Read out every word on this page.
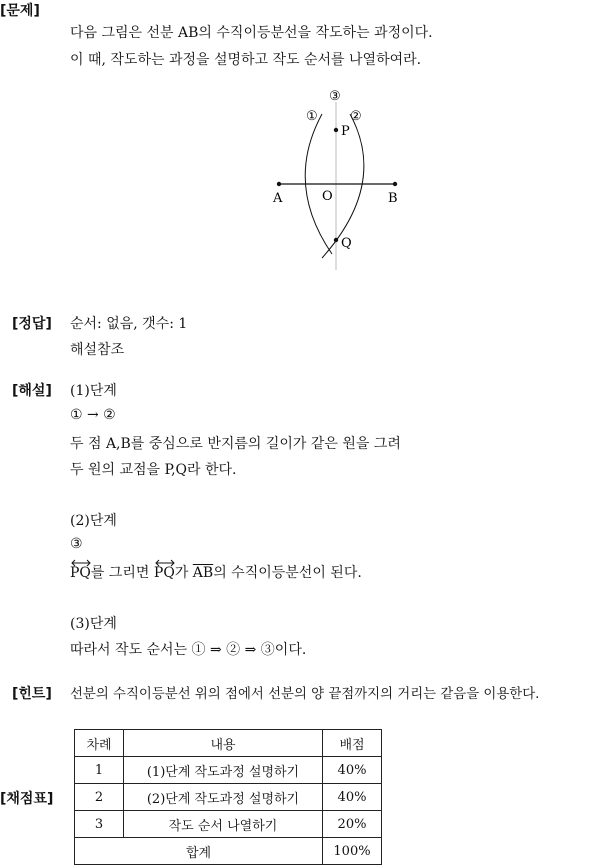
[문제]
다음 그림은 선분 AB의 수직이등분선을 작도하는 과정이다.
이 때, 작도하는 과정을 설명하고 작도 순서를 나열하여라.
③
① ②
P
A	O	B
Q
[정답] 순서: 없음, 갯수: 1
해설참조
[해설] (1)단계
① → ②
두 점 A,B를 중심으로 반지름의 길이가 같은 원을 그려
두 원의 교점을 P,Q라 한다.
(2)단계
③
PQ를 그리면
PQ가 $\overline{AB}$의 수직이등분선이 된다.
(3)단계
따라서 작도 순서는 ① ⇒ ② ⇒ ③이다.
[힌트] 선분의 수직이등분선 위의 점에서 선분의 양 끝점까지의 거리는 같음을 이용한다.
[채점표]
차례	내용	배점
1	(1)단계 작도과정 설명하기	40%
2	(2)단계 작도과정 설명하기	40%
3	작도 순서 나열하기	20%
합계		100%
